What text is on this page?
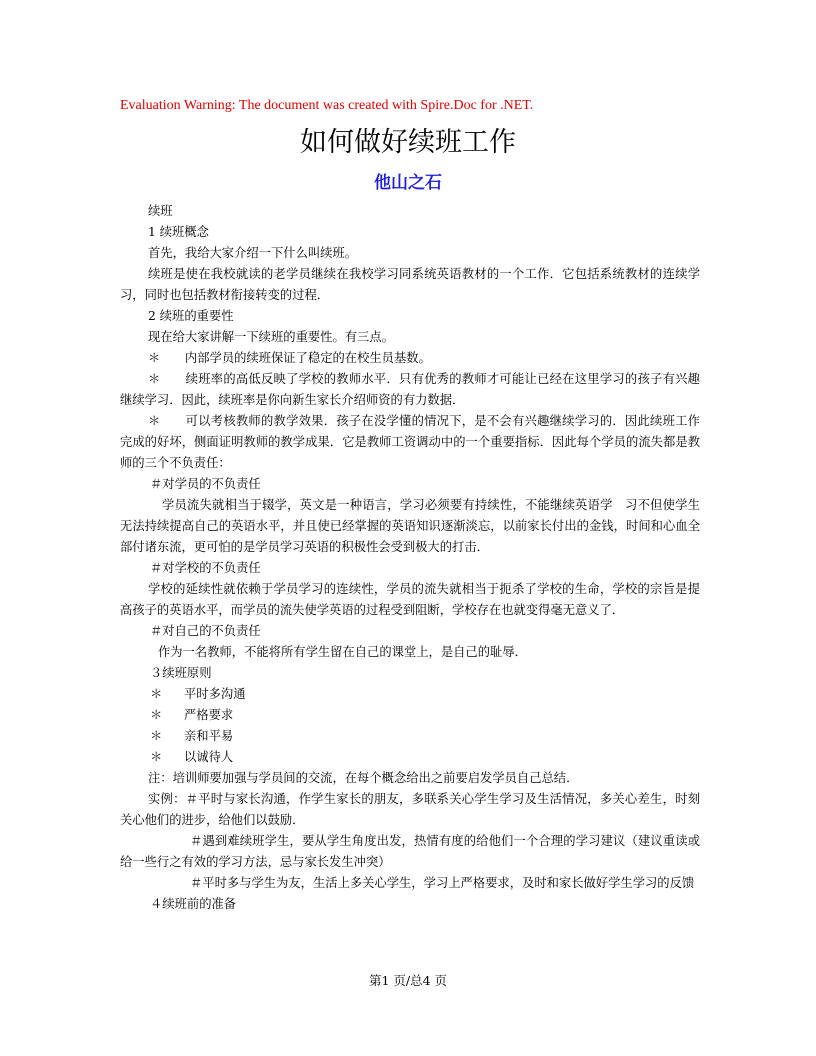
Evaluation Warning: The document was created with Spire.Doc for .NET.
如何做好续班工作
他山之石

续班

1 续班概念

首先，我给大家介绍一下什么叫续班。

续班是使在我校就读的老学员继续在我校学习同系统英语教材的一个工作．它包括系统教材的连续学习，同时也包括教材衔接转变的过程．

2 续班的重要性

现在给大家讲解一下续班的重要性。有三点。

＊　　 内部学员的续班保证了稳定的在校生员基数。

＊　　 续班率的高低反映了学校的教师水平．只有优秀的教师才可能让已经在这里学习的孩子有兴趣继续学习．因此，续班率是你向新生家长介绍师资的有力数据．

＊　　 可以考核教师的教学效果．孩子在没学懂的情况下，是不会有兴趣继续学习的．因此续班工作完成的好坏，侧面证明教师的教学成果．它是教师工资调动中的一个重要指标．因此每个学员的流失都是教师的三个不负责任：

＃对学员的不负责任

学员流失就相当于辍学，英文是一种语言，学习必须要有持续性，不能继续英语学　习不但使学生无法持续提高自己的英语水平，并且使已经掌握的英语知识逐渐淡忘，以前家长付出的金钱，时间和心血全部付诸东流，更可怕的是学员学习英语的积极性会受到极大的打击．

＃对学校的不负责任

学校的延续性就依赖于学员学习的连续性，学员的流失就相当于扼杀了学校的生命，学校的宗旨是提高孩子的英语水平，而学员的流失使学英语的过程受到阻断，学校存在也就变得毫无意义了．

＃对自己的不负责任

作为一名教师，不能将所有学生留在自己的课堂上，是自己的耻辱．

３续班原则

＊ 平时多沟通

＊ 严格要求

＊ 亲和平易

＊ 以诚待人

注：培训师要加强与学员间的交流，在每个概念给出之前要启发学员自己总结．

实例：＃平时与家长沟通，作学生家长的朋友，多联系关心学生学习及生活情况，多关心差生，时刻关心他们的进步，给他们以鼓励．

＃遇到难续班学生，要从学生角度出发，热情有度的给他们一个合理的学习建议（建议重读或给一些行之有效的学习方法，忌与家长发生冲突）

＃平时多与学生为友，生活上多关心学生，学习上严格要求，及时和家长做好学生学习的反馈

４续班前的准备

第1 页/总4 页
